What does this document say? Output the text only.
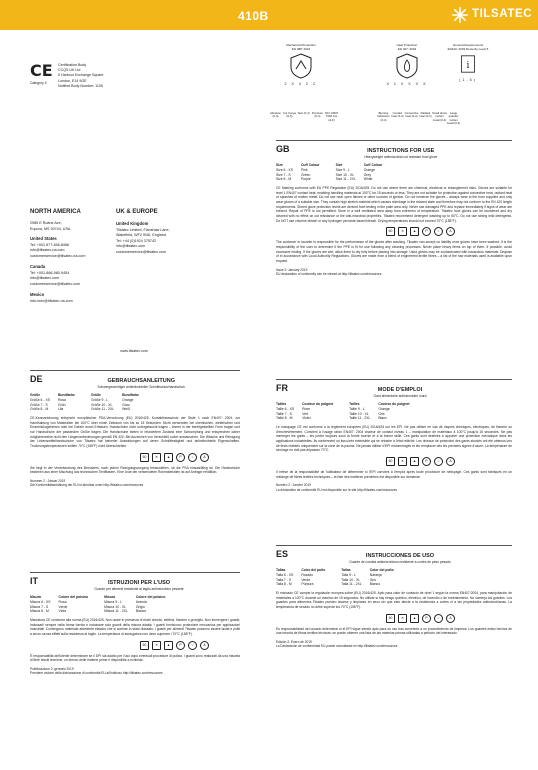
410B	TILSATEC
CE
Category II
Certification Body
CCQS UK Ltd
5 Harbour Exchange Square
London, E14 9GE
Notified Body Number: 1105
Mechanical Protection
EN 388: 2016
2 X 4 2 C
Heat Protection
EN 407: 2004
X 1 X X X X
General Requirements
EN420: 2003 Dexterity Level 5
i
(1-5)
Abrasion (0-4)
Cut Coupe (0-5)
Tear (0-4) Puncture (0-4)
ISO 13997 TDM Cut (A-F)
Burning behaviour (0-4)
Contact heat (0-4)
Convective heat (0-4)
Radiant heat (0-4)
Small drops molten metal (0-4)
Large quantity molten metal (0-4)
NORTH AMERICA
2985 E Roane Ave,
Eupora, MS 39744, USA
United States
Tel: +001 877-466-8466
info@tilsatec-na.com
customerservice@tilsatec-na.com
Canada
Tel: +001-866-980-9454
info@tilsatec.com
customerservice@tilsatec.com
Mexico
info-mex@tilsatec-na.com
UK & EUROPE
United Kingdom
Tilsatec Limited, Flanshaw Lane,
Wakefield, WF2 9ND, England
Tel: +44 (0)1924 375742
info@tilsatec.com
customerservice@tilsatec.com
www.tilsatec.com
GB	INSTRUCTIONS FOR USE
Heavyweight antimicrobial cut resistant food glove
Size	Cuff Colour
Size 6 - XS	Pink
Size 7 - S	Green
Size 8 - M	Purple
Size	Cuff Colour
Size 9 - L	Orange
Size 10 - XL	Grey
Size 11 - 2XL	White
CE Marking conforms with EU PPE Regulation (EU) 2016/425. Do not use where there are chemical, electrical or entanglement risks. Gloves are suitable for level 1 EN407 contact heat, enabling handling materials at 100°C for 15 seconds or less. They are not suitable for protection against convective heat, radiant heat or splashes of molten metal. Do not use near open flames or other sources of ignition. Do not immerse the gloves – always wear in the form supplied and only wear gloves of a suitable size. They contain high stretch material which causes shrinkage in the relaxed state and therefore may not conform to the EN 420 length requirements. Stored glove protection levels are derived from testing in the palm area only. Never use damaged PPE and replace immediately if signs of wear are evident. Repair of PPE is not permitted. Store in a well ventilated area away from extremes of temperature. Tilsatec food gloves can be laundered and dry cleaned with no effect on cut resistance or the anti-microbial properties. Tilsatec recommend detergent washing up to 60°C. Do not use strong mild detergents. Do NOT use chlorine bleach or any hydrogen peroxide based bleach. Drying temperatures should not exceed 70°C (158°F).
60	✕	▲	P	○	A
The customer or launder is responsible for the performance of the gloves after washing. Tilsatec can accept no liability once gloves have been washed. It is the responsibility of the user to determine if the PPE is fit for use following any cleaning processes. Never place heavy items on top of them. If possible, avoid excessive folding. If the gloves are wet, allow them to dry fully before placing into storage. Used gloves may be contaminated with hazardous materials. Dispose of in accordance with Local Authority Regulations. Gloves are made from a blend of engineered textile fibres – a list of the raw materials used is available upon request.
Issue 2: January 2019
EU declaration of conformity can be viewed at http://tilsatec.com/resources
DE	GEBRAUCHSANLEITUNG
Schwergewichtiger antimikrobieller Schnittschutzhandschuh
Größe	Bundfarbe
Größe 6 - XS	Rosa
Größe 7 - S	Grün
Größe 8 - M	Lila
Größe	Bundfarbe
Größe 9 - L	Orange
Größe 10 - XL	Grau
Größe 11 - 2XL	Weiß
CE-Kennzeichnung entspricht europäischer PSA-Verordnung (EU) 2016/425. Kontaktheizschutz der Stufe 1 nach EN407: 2004, zur Handhabung von Materialien bei 100°C über einen Zeitraum von bis zu 15 Sekunden. Nicht verwenden bei chemischen, elektrischen und Einzelrisikogefahren oder bei Gefahr durch Erfassen. Handschuhe nicht untergetaucht tragen – immer in der bereitgestellten Form tragen und nur Handschuhe der passenden Größe tragen. Die Handschuhe bieten in relaxiertem Zustand eine Schrumpfung und entsprechen daher möglicherweise nicht den Längenanforderungen gemäß EN 420. Bei Anzeichen von Verschleiß sofort austauschen. Die Wäsche und Reinigung der Lebensmittelhandschuhe von Tilsatec hat keinerlei Auswirkungen auf deren Schnittfestigkeit und antimikrobielle Eigenschaften. Trocknungstemperaturen sollten 70°C (158°F) nicht überschreiten.
60	✕	▲	P	○	A
Sie liegt in der Verantwortung des Benutzers, nach jedem Reinigungsvorgang festzustellen, ob die PSA einsatzfähig ist. Die Handschuhe bestehen aus einer Mischung aus technischen Textilfasern. Eine Liste der verwendeten Rohmaterialien ist auf Anfrage erhältlich.
Nummer 2 : Januar 2019
Die Konformitätserklärung der EU ist abrufbar unter http://tilsatec.com/resources
FR	MODE D'EMPLOI
Gant alimentaire antimicrobien lourd
Tailles	Couleur du poignet
Taille 6 - XS	Rose
Taille 7 - S	Vert
Taille 8 - M	Violet
Tailles	Couleur du poignet
Taille 9 - L	Orange
Taille 10 - XL	Gris
Taille 11 - 2XL	Blanc
Le marquage CE est conforme à la règlement européen (EU) 2016/425 sur les EPI. Ne pas utiliser en cas de risques chimiques, électriques, de flamme ou d'enchevêtrement. Convient à l'usage selon EN407: 2004 chaleur de contact niveau 1 – manipulation de matériaux à 100°C jusqu'à 15 secondes. Ne pas immerger les gants – les porter toujours sous la forme fournie et à la bonne taille. Ces gants sont destinés à apporter une protection mécanique dans les applications industrielles. Ils contiennent un tissu très extensible qui se rétracte à l'état relâché. Les niveaux de protection des gants stockés ont été obtenus lors de tests réalisés uniquement sur la zone de la paume. Ne jamais utiliser d'EPI endommagés et les remplacer dès les premiers signes d'usure. La température de séchage ne doit pas dépasser 70°C.
60	✕	▲	P	○	A
Il relève de la responsabilité de l'utilisateur de déterminer si l'EPI convient à l'emploi après toute procédure de nettoyage. Ces gants sont fabriqués en un mélange de fibres textiles techniques – la liste des matières premières est disponible sur demande.
Numéro 2 : Janvier 2019
La déclaration de conformité EU est disponible sur le site http://tilsatec.com/resources
IT	ISTRUZIONI PER L'USO
Guanto per alimenti resistente al taglio antimicrobico pesante
Misura	Colore del polsino
Misura 6 - XS	Rosa
Misura 7 - S	Verde
Misura 8 - M	Viola
Misura	Colore del polsino
Misura 9 - L	Arancio
Misura 10 - XL	Grigio
Misura 11 - 2XL	Bianco
Marcatura CE conforme alla norma (EU) 2016/425. Non usare in presenza di rischi chimici, elettrici, fiamme o groviglio. Non immergere i guanti; indossarli sempre nella forma fornita e indossare solo guanti della misura adatta. I guanti forniscono protezione meccanica per applicazioni industriali. Contengono materiale altamente elastico che si contrae in stato rilassato. I guanti per alimenti Tilsatec possono essere lavati e puliti a secco senza effetti sulla resistenza al taglio. La temperatura di asciugatura non deve superare i 70°C (158°F).
60	✕	▲	P	○	A
È responsabilità dell'utente determinare se il DPI sia adatto per l'uso dopo eventuali procedure di pulizia. I guanti sono realizzati da una miscela di fibre tessili tecniche; un elenco delle materie prime è disponibile a richiesta.
Pubblicazione 2: gennaio 2019
Prendere visione della dichiarazione di conformità EU all'indirizzo http://tilsatec.com/resources
ES	INSTRUCCIONES DE USO
Guante de comida antimicrobiano resistente a cortes de peso pesado
Tallas	Color del puño
Talla 6 - XS	Rosado
Talla 7 - S	Verde
Talla 8 - M	Púrpura
Tallas	Color del puño
Talla 9 - L	Naranja
Talla 10 - XL	Gris
Talla 11 - 2XL	Blanco
El marcado CE cumple la regulación europea sobre (EU) 2016/425. Apto para calor de contacto de nivel 1 según la norma EN407:2004, para manipulación de materiales a 100°C durante un máximo de 15 segundos. No utilizar si hay riesgo químico, eléctrico, de incendio o de enredamiento. No sumerja los guantes. Los guantes para alimentos Tilsatec pueden lavarse y limpiarse en seco sin que esto afecte a la resistencia a cortes ni a las propiedades antimicrobianas. La temperatura de secado no debe superar los 70°C (158°F).
60	✕	▲	P	○	A
Es responsabilidad del usuario determinar si el EPI sigue siendo apto para su uso tras someterlo a un procedimiento de limpieza. Los guantes están hechos de una mezcla de fibras textiles técnicas; se puede obtener una lista de las materias primas utilizadas a petición del interesado.
Edición 2: Enero de 2019
La Declaración de conformidad EU puede consultarse en http://tilsatec.com/resources
